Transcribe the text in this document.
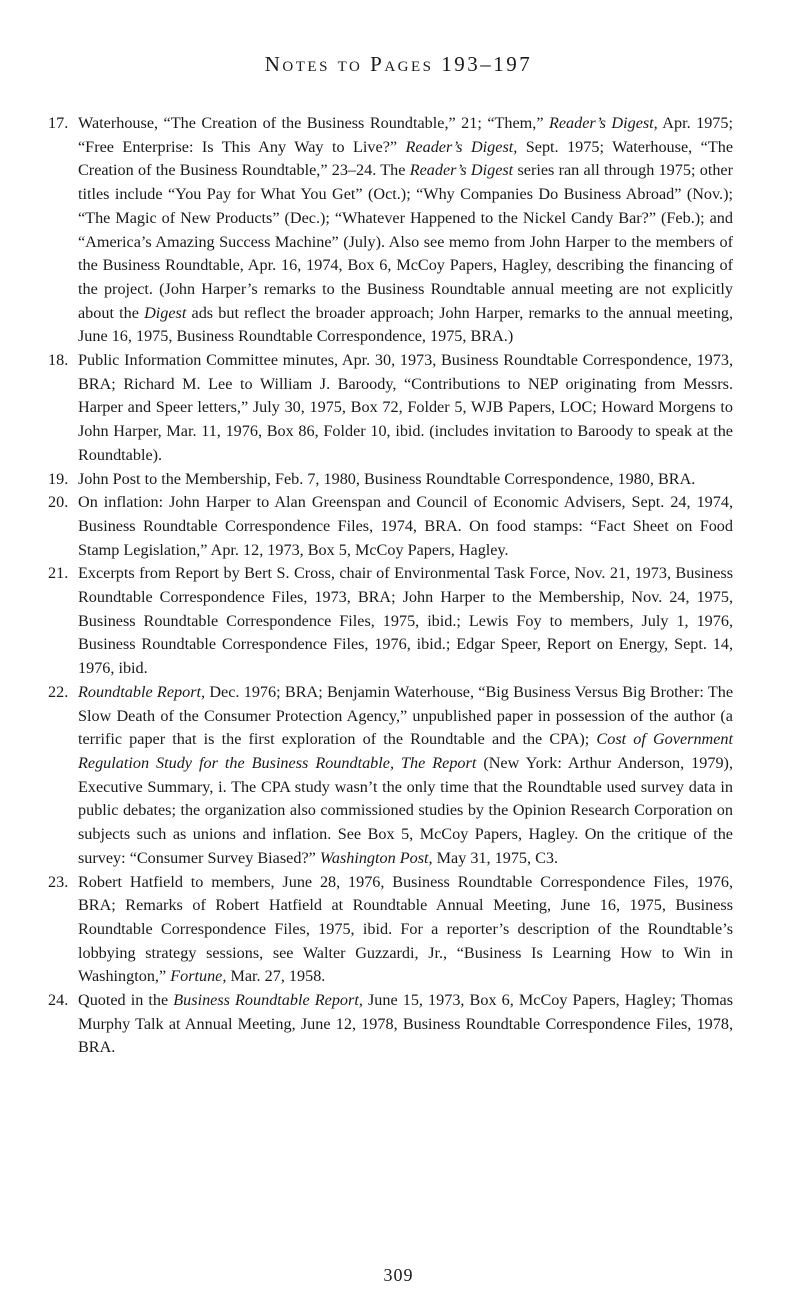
Notes to Pages 193–197
17. Waterhouse, “The Creation of the Business Roundtable,” 21; “Them,” Reader’s Digest, Apr. 1975; “Free Enterprise: Is This Any Way to Live?” Reader’s Digest, Sept. 1975; Waterhouse, “The Creation of the Business Roundtable,” 23–24. The Reader’s Digest series ran all through 1975; other titles include “You Pay for What You Get” (Oct.); “Why Companies Do Business Abroad” (Nov.); “The Magic of New Products” (Dec.); “Whatever Happened to the Nickel Candy Bar?” (Feb.); and “America’s Amazing Success Machine” (July). Also see memo from John Harper to the members of the Business Roundtable, Apr. 16, 1974, Box 6, McCoy Papers, Hagley, describing the financing of the project. (John Harper’s remarks to the Business Roundtable annual meeting are not explicitly about the Digest ads but reflect the broader approach; John Harper, remarks to the annual meeting, June 16, 1975, Business Roundtable Correspondence, 1975, BRA.)
18. Public Information Committee minutes, Apr. 30, 1973, Business Roundtable Correspondence, 1973, BRA; Richard M. Lee to William J. Baroody, “Contributions to NEP originating from Messrs. Harper and Speer letters,” July 30, 1975, Box 72, Folder 5, WJB Papers, LOC; Howard Morgens to John Harper, Mar. 11, 1976, Box 86, Folder 10, ibid. (includes invitation to Baroody to speak at the Roundtable).
19. John Post to the Membership, Feb. 7, 1980, Business Roundtable Correspondence, 1980, BRA.
20. On inflation: John Harper to Alan Greenspan and Council of Economic Advisers, Sept. 24, 1974, Business Roundtable Correspondence Files, 1974, BRA. On food stamps: “Fact Sheet on Food Stamp Legislation,” Apr. 12, 1973, Box 5, McCoy Papers, Hagley.
21. Excerpts from Report by Bert S. Cross, chair of Environmental Task Force, Nov. 21, 1973, Business Roundtable Correspondence Files, 1973, BRA; John Harper to the Membership, Nov. 24, 1975, Business Roundtable Correspondence Files, 1975, ibid.; Lewis Foy to members, July 1, 1976, Business Roundtable Correspondence Files, 1976, ibid.; Edgar Speer, Report on Energy, Sept. 14, 1976, ibid.
22. Roundtable Report, Dec. 1976; BRA; Benjamin Waterhouse, “Big Business Versus Big Brother: The Slow Death of the Consumer Protection Agency,” unpublished paper in possession of the author (a terrific paper that is the first exploration of the Roundtable and the CPA); Cost of Government Regulation Study for the Business Roundtable, The Report (New York: Arthur Anderson, 1979), Executive Summary, i. The CPA study wasn’t the only time that the Roundtable used survey data in public debates; the organization also commissioned studies by the Opinion Research Corporation on subjects such as unions and inflation. See Box 5, McCoy Papers, Hagley. On the critique of the survey: “Consumer Survey Biased?” Washington Post, May 31, 1975, C3.
23. Robert Hatfield to members, June 28, 1976, Business Roundtable Correspondence Files, 1976, BRA; Remarks of Robert Hatfield at Roundtable Annual Meeting, June 16, 1975, Business Roundtable Correspondence Files, 1975, ibid. For a reporter’s description of the Roundtable’s lobbying strategy sessions, see Walter Guzzardi, Jr., “Business Is Learning How to Win in Washington,” Fortune, Mar. 27, 1958.
24. Quoted in the Business Roundtable Report, June 15, 1973, Box 6, McCoy Papers, Hagley; Thomas Murphy Talk at Annual Meeting, June 12, 1978, Business Roundtable Correspondence Files, 1978, BRA.
309
